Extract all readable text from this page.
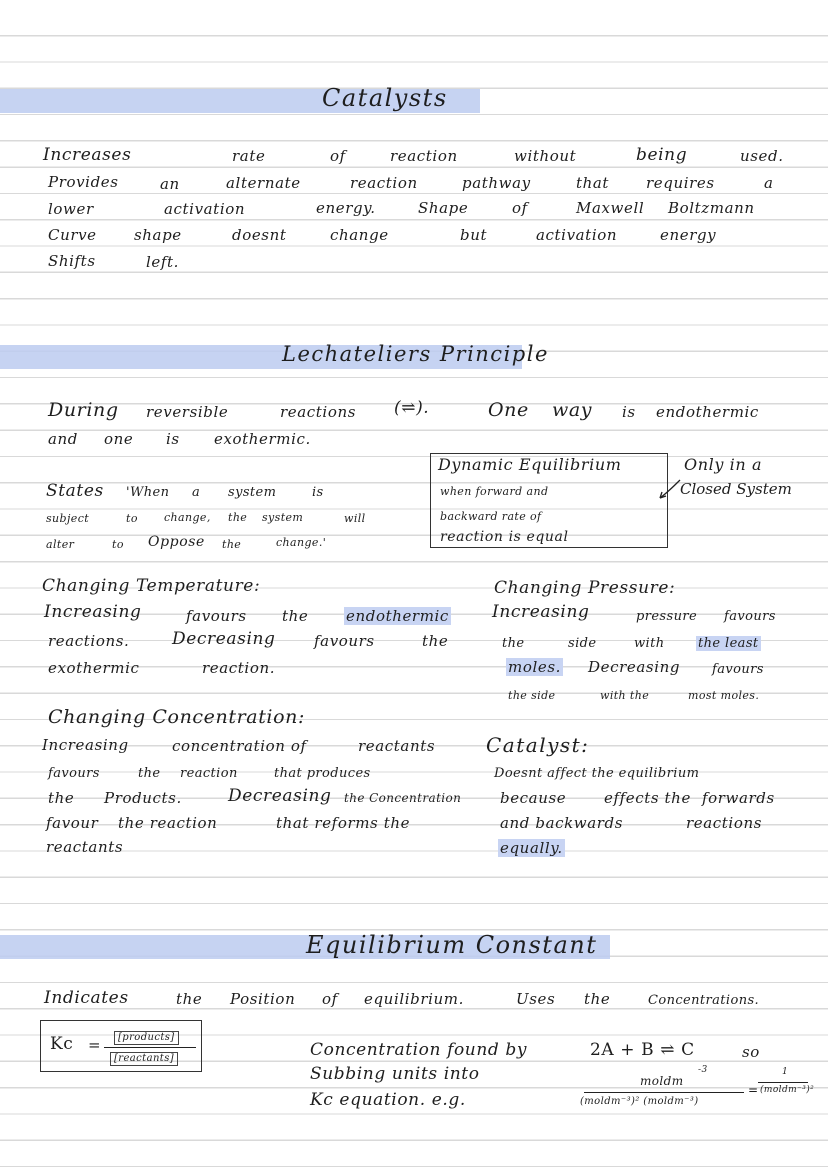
Catalysts
Increases	rate	of	reaction	without	being	used.
Provides	an	alternate	reaction	pathway	that requires	a
lower	activation	energy.	Shape	of	Maxwell Boltzmann
Curve shape	doesnt	change	but	activation	energy
Shifts	left.
Lechateliers Principle
During reversible	reactions (⇌).	One way is endothermic
and one is exothermic.
States 'When a system	is
subject	to change, the system	will
alter	to Oppose the	change.'
Dynamic Equilibrium
when forward and
backward rate of
reaction is equal
Only in a
Closed System
Changing Temperature:
Increasing	favours the	endothermic
reactions.	Decreasing	favours	the
exothermic	reaction.
Changing Pressure:
Increasing	pressure favours
the	side	with	the least
moles. Decreasing favours
the side	with the	most moles.
Changing Concentration:
Increasing	concentration of	reactants
favours	the reaction	that produces
the Products.	Decreasing the Concentration
favour the reaction	that reforms the
reactants
Catalyst:
Doesnt affect the equilibrium
because	effects the forwards
and backwards	reactions
equally.
Equilibrium Constant
Indicates	the Position of equilibrium.	Uses the	Concentrations.
Kc =	[products]
[reactants]	Concentration found by
Subbing units into
Kc equation. e.g.
2A + B ⇌ C	so
moldm
-3
(moldm⁻³)² (moldm⁻³)
=
1
(moldm⁻³)²
